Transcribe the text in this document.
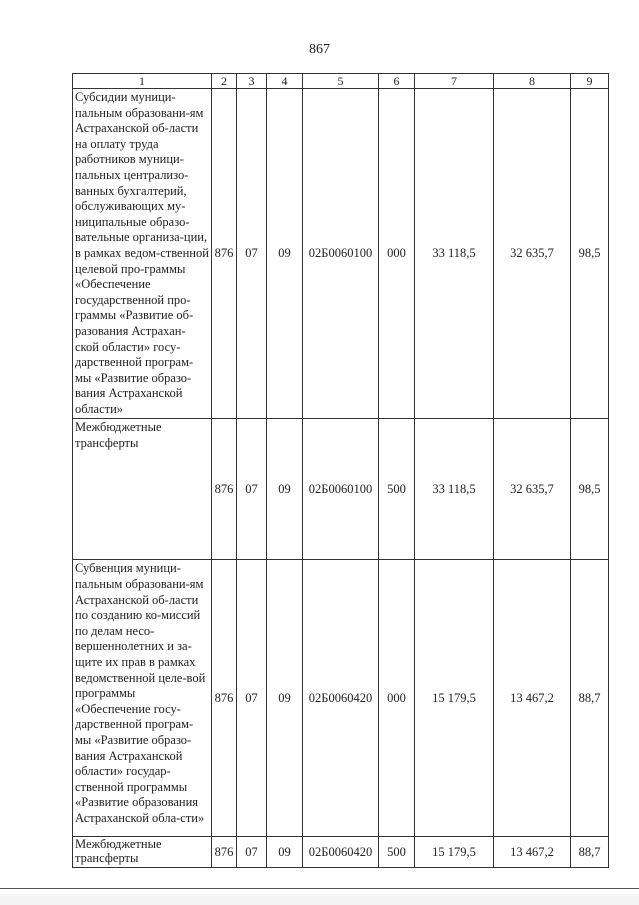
867
1	2	3	4	5	6	7	8	9
Субсидии муници-пальным образовани-ям Астраханской об-ласти на оплату труда работников муници-пальных централизо-ванных бухгалтерий, обслуживающих му-ниципальные образо-вательные организа-ции, в рамках ведом-ственной целевой про-граммы «Обеспечение государственной про-граммы «Развитие об-разования Астрахан-ской области» госу-дарственной програм-мы «Развитие образо-вания Астраханской области»	876	07	09	02Б0060100	000	33 118,5	32 635,7	98,5
Межбюджетные трансферты	876	07	09	02Б0060100	500	33 118,5	32 635,7	98,5
Субвенция муници-пальным образовани-ям Астраханской об-ласти по созданию ко-миссий по делам несо-вершеннолетних и за-щите их прав в рамках ведомственной целе-вой программы «Обеспечение госу-дарственной програм-мы «Развитие образо-вания Астраханской области» государ-ственной программы «Развитие образования Астраханской обла-сти»	876	07	09	02Б0060420	000	15 179,5	13 467,2	88,7
Межбюджетные трансферты	876	07	09	02Б0060420	500	15 179,5	13 467,2	88,7
